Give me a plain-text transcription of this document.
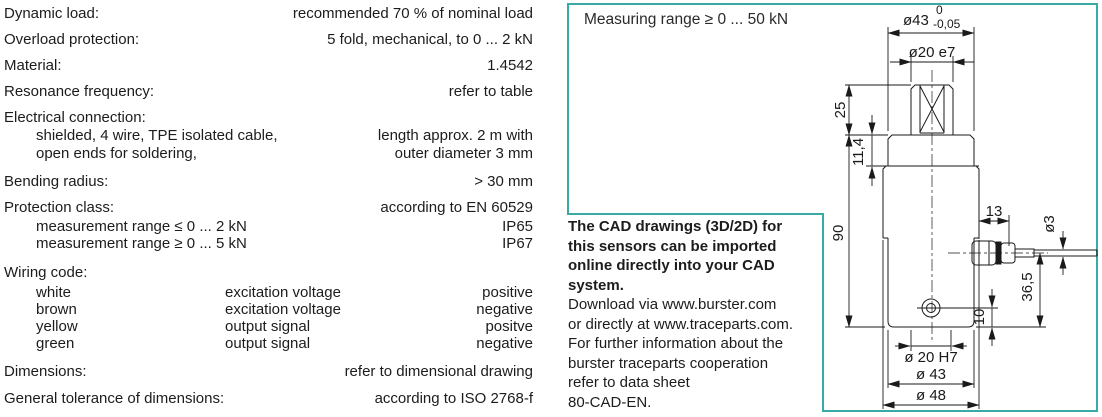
Dynamic load:	recommended 70 % of nominal load
Overload protection:	5 fold, mechanical, to 0 ... 2 kN
Material:	1.4542
Resonance frequency:	refer to table
Electrical connection:
shielded, 4 wire, TPE isolated cable,	length approx. 2 m with
open ends for soldering,	outer diameter 3 mm
Bending radius:	> 30 mm
Protection class:	according to EN 60529
measurement range ≤ 0 ... 2 kN	IP65
measurement range ≥ 0 ... 5 kN	IP67
Wiring code:
white	excitation voltage	positive
brown	excitation voltage	negative
yellow	output signal	positve
green	output signal	negative
Dimensions:	refer to dimensional drawing
General tolerance of dimensions:	according to ISO 2768-f
Measuring range ≥ 0 ... 50 kN	ø43
0
-0,05
ø20 e7
25
11,4
90
13
ø3
36,5
10
ø 20 H7
ø 43
ø 48
The CAD drawings (3D/2D) for
this sensors can be imported
online directly into your CAD
system.
Download via www.burster.com
or directly at www.traceparts.com.
For further information about the
burster traceparts cooperation
refer to data sheet
80-CAD-EN.
